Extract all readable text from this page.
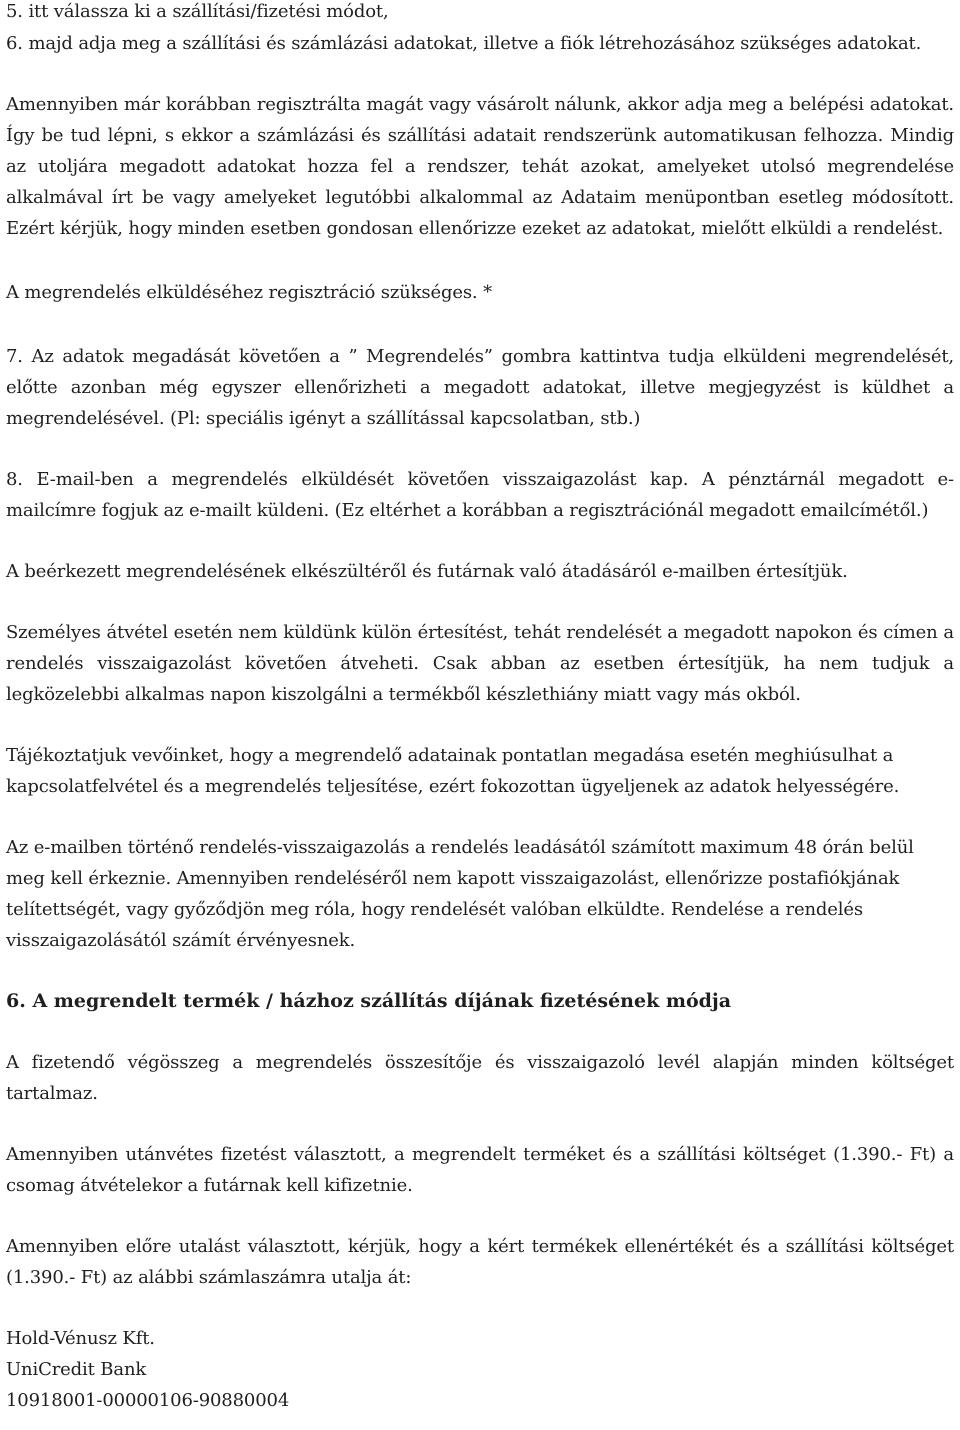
5. itt válassza ki a szállítási/fizetési módot,

6. majd adja meg a szállítási és számlázási adatokat, illetve a fiók létrehozásához szükséges adatokat.

Amennyiben már korábban regisztrálta magát vagy vásárolt nálunk, akkor adja meg a belépési adatokat. Így be tud lépni, s ekkor a számlázási és szállítási adatait rendszerünk automatikusan felhozza. Mindig az utoljára megadott adatokat hozza fel a rendszer, tehát azokat, amelyeket utolsó megrendelése alkalmával írt be vagy amelyeket legutóbbi alkalommal az Adataim menüpontban esetleg módosított. Ezért kérjük, hogy minden esetben gondosan ellenőrizze ezeket az adatokat, mielőtt elküldi a rendelést.

A megrendelés elküldéséhez regisztráció szükséges. *

7. Az adatok megadását követően a ” Megrendelés” gombra kattintva tudja elküldeni megrendelését, előtte azonban még egyszer ellenőrizheti a megadott adatokat, illetve megjegyzést is küldhet a megrendelésével. (Pl: speciális igényt a szállítással kapcsolatban, stb.)

8. E-mail-ben a megrendelés elküldését követően visszaigazolást kap. A pénztárnál megadott e-mailcímre fogjuk az e-mailt küldeni. (Ez eltérhet a korábban a regisztrációnál megadott emailcímétől.)

A beérkezett megrendelésének elkészültéről és futárnak való átadásáról e-mailben értesítjük.

Személyes átvétel esetén nem küldünk külön értesítést, tehát rendelését a megadott napokon és címen a rendelés visszaigazolást követően átveheti. Csak abban az esetben értesítjük, ha nem tudjuk a legközelebbi alkalmas napon kiszolgálni a termékből készlethiány miatt vagy más okból.

Tájékoztatjuk vevőinket, hogy a megrendelő adatainak pontatlan megadása esetén meghiúsulhat a kapcsolatfelvétel és a megrendelés teljesítése, ezért fokozottan ügyeljenek az adatok helyességére.

Az e-mailben történő rendelés-visszaigazolás a rendelés leadásától számított maximum 48 órán belül meg kell érkeznie. Amennyiben rendeléséről nem kapott visszaigazolást, ellenőrizze postafiókjának telítettségét, vagy győződjön meg róla, hogy rendelését valóban elküldte. Rendelése a rendelés visszaigazolásától számít érvényesnek.

6. A megrendelt termék / házhoz szállítás díjának fizetésének módja

A fizetendő végösszeg a megrendelés összesítője és visszaigazoló levél alapján minden költséget tartalmaz.

Amennyiben utánvétes fizetést választott, a megrendelt terméket és a szállítási költséget (1.390.- Ft) a csomag átvételekor a futárnak kell kifizetnie.

Amennyiben előre utalást választott, kérjük, hogy a kért termékek ellenértékét és a szállítási költséget (1.390.- Ft) az alábbi számlaszámra utalja át:

Hold-Vénusz Kft.

UniCredit Bank

10918001-00000106-90880004
